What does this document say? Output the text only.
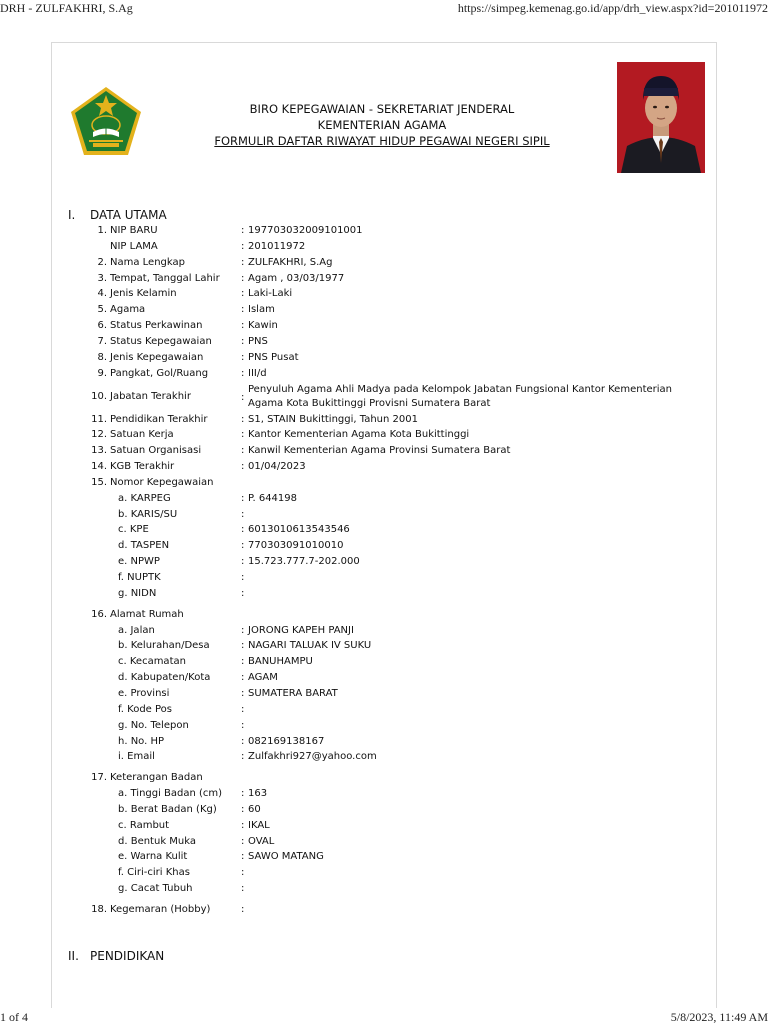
DRH - ZULFAKHRI, S.Ag	https://simpeg.kemenag.go.id/app/drh_view.aspx?id=201011972
BIRO KEPEGAWAIAN - SEKRETARIAT JENDERAL
KEMENTERIAN AGAMA
FORMULIR DAFTAR RIWAYAT HIDUP PEGAWAI NEGERI SIPIL
I. DATA UTAMA
1. NIP BARU	: 197703032009101001
NIP LAMA	: 201011972
2. Nama Lengkap	: ZULFAKHRI, S.Ag
3. Tempat, Tanggal Lahir : Agam , 03/03/1977
4. Jenis Kelamin	: Laki-Laki
5. Agama	: Islam
6. Status Perkawinan	: Kawin
7. Status Kepegawaian	: PNS
8. Jenis Kepegawaian	: PNS Pusat
9. Pangkat, Gol/Ruang	: III/d
10. Jabatan Terakhir	:
Penyuluh Agama Ahli Madya pada Kelompok Jabatan Fungsional Kantor Kementerian Agama Kota Bukittinggi Provisni Sumatera Barat
11. Pendidikan Terakhir	: S1, STAIN Bukittinggi, Tahun 2001
12. Satuan Kerja	: Kantor Kementerian Agama Kota Bukittinggi
13. Satuan Organisasi	: Kanwil Kementerian Agama Provinsi Sumatera Barat
14. KGB Terakhir	: 01/04/2023
15. Nomor Kepegawaian
a. KARPEG	: P. 644198
b. KARIS/SU	:
c. KPE	: 6013010613543546
d. TASPEN	: 770303091010010
e. NPWP	: 15.723.777.7-202.000
f. NUPTK	:
g. NIDN	:
16. Alamat Rumah
a. Jalan	: JORONG KAPEH PANJI
b. Kelurahan/Desa	: NAGARI TALUAK IV SUKU
c. Kecamatan	: BANUHAMPU
d. Kabupaten/Kota	: AGAM
e. Provinsi	: SUMATERA BARAT
f. Kode Pos	:
g. No. Telepon	:
h. No. HP	: 082169138167
i. Email	: Zulfakhri927@yahoo.com
17. Keterangan Badan
a. Tinggi Badan (cm) : 163
b. Berat Badan (Kg) : 60
c. Rambut	: IKAL
d. Bentuk Muka	: OVAL
e. Warna Kulit	: SAWO MATANG
f. Ciri-ciri Khas	:
g. Cacat Tubuh	:
18. Kegemaran (Hobby)	:
II. PENDIDIKAN
1 of 4	5/8/2023, 11:49 AM
